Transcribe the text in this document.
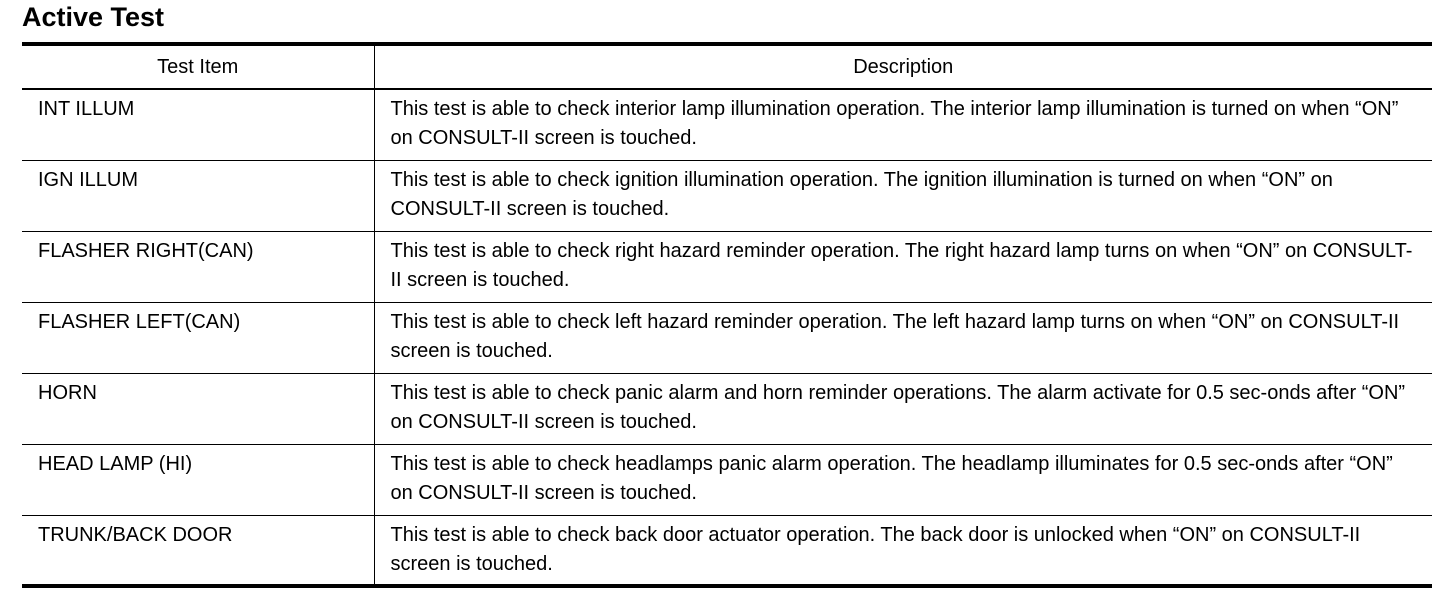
Active Test
Test Item	Description
INT ILLUM	This test is able to check interior lamp illumination operation. The interior lamp illumination is turned on when “ON” on CONSULT-II screen is touched.
IGN ILLUM	This test is able to check ignition illumination operation. The ignition illumination is turned on when “ON” on CONSULT-II screen is touched.
FLASHER RIGHT(CAN)	This test is able to check right hazard reminder operation. The right hazard lamp turns on when “ON” on CONSULT-II screen is touched.
FLASHER LEFT(CAN)	This test is able to check left hazard reminder operation. The left hazard lamp turns on when “ON” on CONSULT-II screen is touched.
HORN	This test is able to check panic alarm and horn reminder operations. The alarm activate for 0.5 sec-onds after “ON” on CONSULT-II screen is touched.
HEAD LAMP (HI)	This test is able to check headlamps panic alarm operation. The headlamp illuminates for 0.5 sec-onds after “ON” on CONSULT-II screen is touched.
TRUNK/BACK DOOR	This test is able to check back door actuator operation. The back door is unlocked when “ON” on CONSULT-II screen is touched.
